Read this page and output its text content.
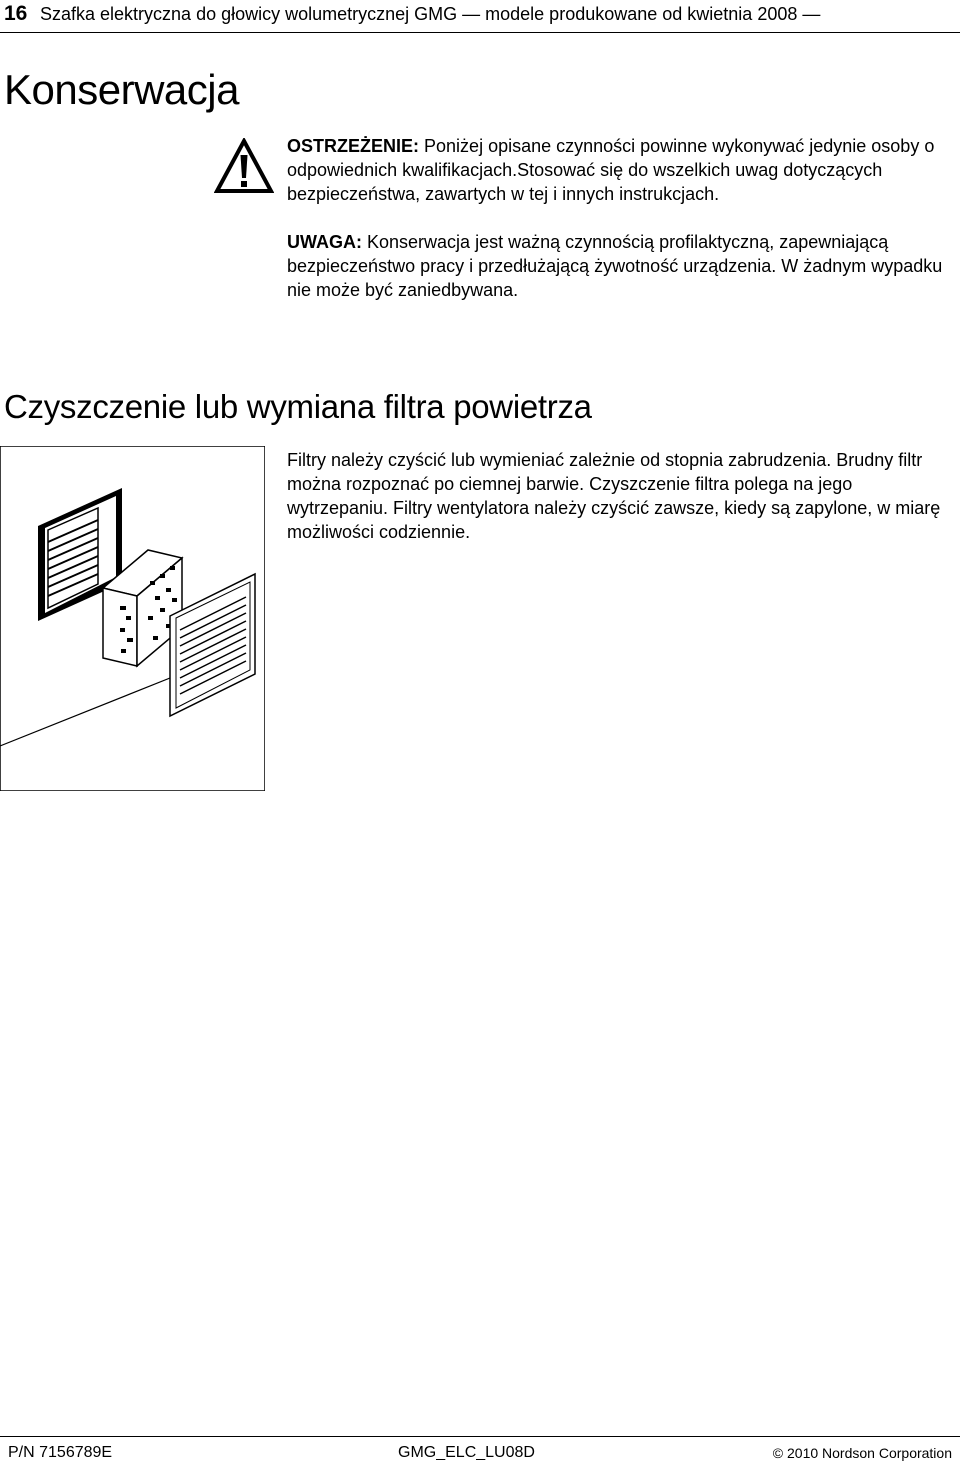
16 Szafka elektryczna do głowicy wolumetrycznej GMG — modele produkowane od kwietnia 2008 —
Konserwacja
OSTRZEŻENIE: Poniżej opisane czynności powinne wykonywać jedynie osoby o odpowiednich kwalifikacjach.Stosować się do wszelkich uwag dotyczących bezpieczeństwa, zawartych w tej i innych instrukcjach.
UWAGA: Konserwacja jest ważną czynnością profilaktyczną, zapewniającą bezpieczeństwo pracy i przedłużającą żywotność urządzenia. W żadnym wypadku nie może być zaniedbywana.
Czyszczenie lub wymiana filtra powietrza
Filtry należy czyścić lub wymieniać zależnie od stopnia zabrudzenia. Brudny filtr można rozpoznać po ciemnej barwie. Czyszczenie filtra polega na jego wytrzepaniu. Filtry wentylatora należy czyścić zawsze, kiedy są zapylone, w miarę możliwości codziennie.
P/N 7156789E	GMG_ELC_LU08D	© 2010 Nordson Corporation
